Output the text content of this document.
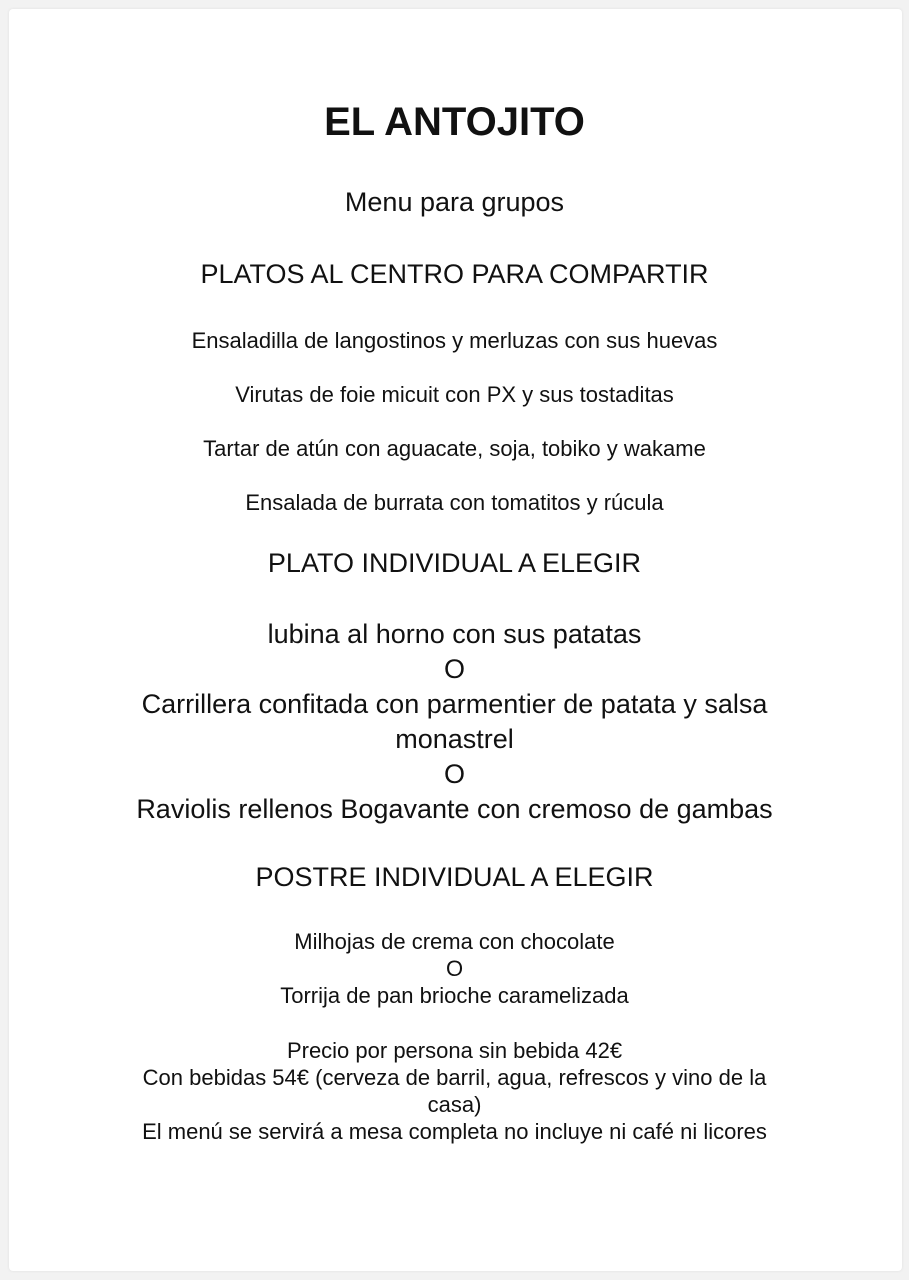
EL ANTOJITO
Menu para grupos
PLATOS AL CENTRO PARA COMPARTIR
Ensaladilla de langostinos y merluzas con sus huevas
Virutas de foie micuit con PX y sus tostaditas
Tartar de atún con aguacate, soja, tobiko y wakame
Ensalada de burrata con tomatitos y rúcula
PLATO INDIVIDUAL A ELEGIR
lubina al horno con sus patatas
O
Carrillera confitada con parmentier de patata y salsa
monastrel
O
Raviolis rellenos Bogavante con cremoso de gambas
POSTRE INDIVIDUAL A ELEGIR
Milhojas de crema con chocolate
O
Torrija de pan brioche caramelizada
Precio por persona sin bebida 42€
Con bebidas 54€ (cerveza de barril, agua, refrescos y vino de la
casa)
El menú se servirá a mesa completa no incluye ni café ni licores
